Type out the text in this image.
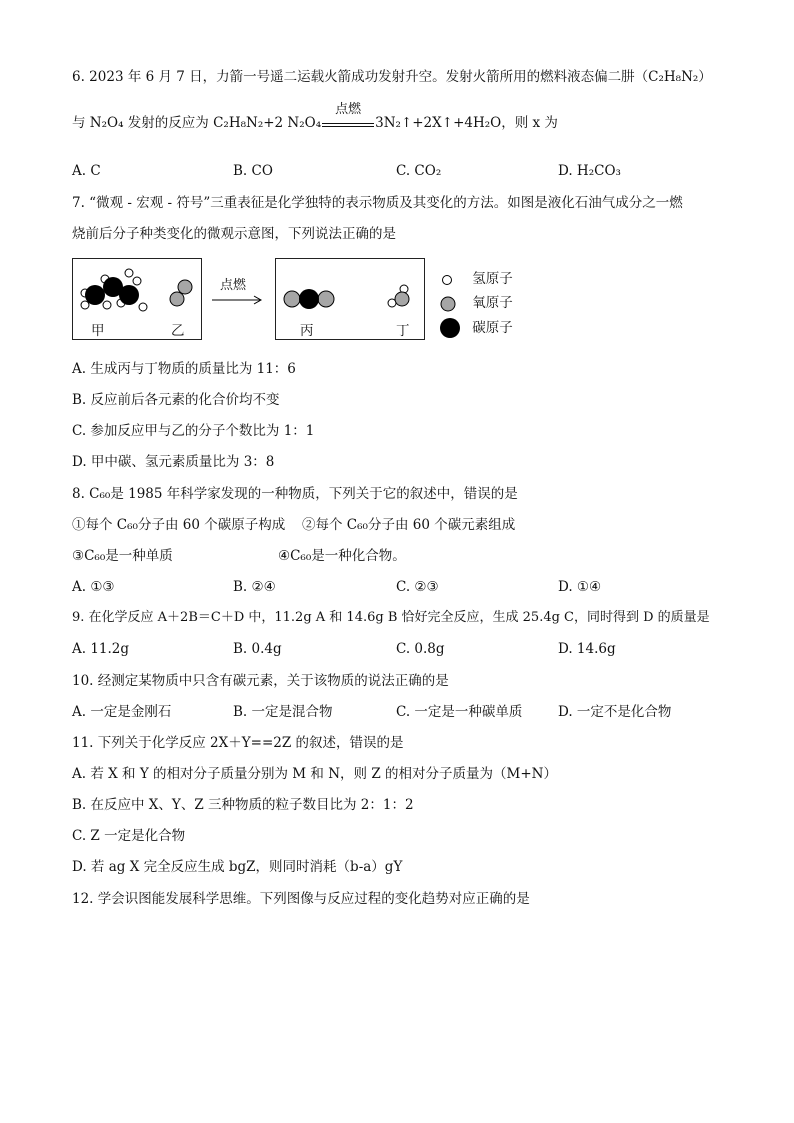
6. 2023 年 6 月 7 日，力箭一号遥二运载火箭成功发射升空。发射火箭所用的燃料液态偏二肼（C₂H₈N₂）
与 N₂O₄ 发射的反应为 C₂H₈N₂+2 N₂O₄
点燃
3N₂↑+2X↑+4H₂O，则 x 为
A. C	B. CO	C. CO₂	D. H₂CO₃
7. “微观 - 宏观 - 符号”三重表征是化学独特的表示物质及其变化的方法。如图是液化石油气成分之一燃
烧前后分子种类变化的微观示意图，下列说法正确的是
甲	乙
点燃
丙	丁
氢原子
氧原子
碳原子
A. 生成丙与丁物质的质量比为 11：6
B. 反应前后各元素的化合价均不变
C. 参加反应甲与乙的分子个数比为 1：1
D. 甲中碳、氢元素质量比为 3：8
8. C₆₀是 1985 年科学家发现的一种物质，下列关于它的叙述中，错误的是
①每个 C₆₀分子由 60 个碳原子构成 ②每个 C₆₀分子由 60 个碳元素组成
③C₆₀是一种单质	④C₆₀是一种化合物。
A. ①③	B. ②④	C. ②③	D. ①④
9. 在化学反应 A＋2B＝C＋D 中，11.2g A 和 14.6g B 恰好完全反应，生成 25.4g C，同时得到 D 的质量是
A. 11.2g	B. 0.4g	C. 0.8g	D. 14.6g
10. 经测定某物质中只含有碳元素，关于该物质的说法正确的是
A. 一定是金刚石	B. 一定是混合物	C. 一定是一种碳单质	D. 一定不是化合物
11. 下列关于化学反应 2X＋Y==2Z 的叙述，错误的是
A. 若 X 和 Y 的相对分子质量分别为 M 和 N，则 Z 的相对分子质量为（M+N）
B. 在反应中 X、Y、Z 三种物质的粒子数目比为 2：1：2
C. Z 一定是化合物
D. 若 ag X 完全反应生成 bgZ，则同时消耗（b-a）gY
12. 学会识图能发展科学思维。下列图像与反应过程的变化趋势对应正确的是
